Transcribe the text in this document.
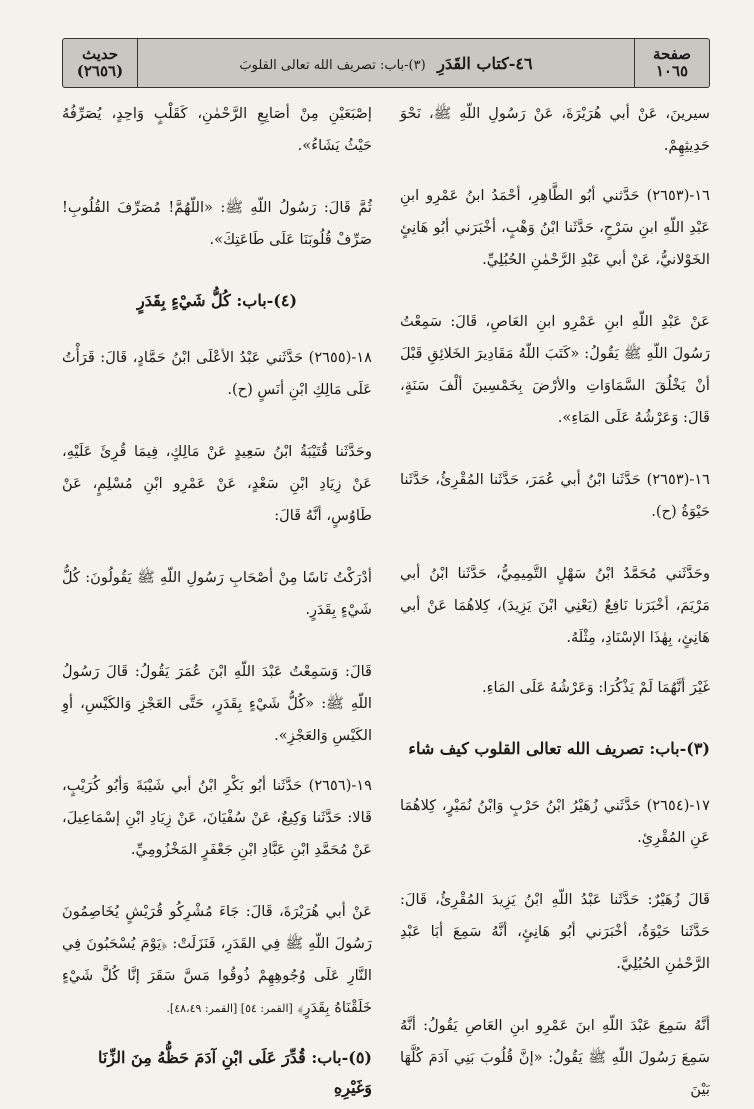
صفحة
١٠٦٥
٤٦-كتاب القَدَرِ (٣)-باب: تصريف الله تعالى القلوبَ
حديث
(٢٦٥٦)

سيرينَ، عَنْ أبي هُرَيْرَةَ، عَنْ رَسُولِ اللّهِ ﷺ، نَحْوَ حَدِيثِهِمْ.

١٦-(٢٦٥٣) حَدَّثني أبُو الطَّاهِرِ، أحْمَدُ ابنُ عَمْرِو ابنِ عَبْدِ اللّهِ ابنِ سَرْحٍ، حَدَّثَنا ابْنُ وَهْبٍ، أخْبَرَني أبُو هَانِئٍ الخَوْلانيُّ، عَنْ أبي عَبْدِ الرَّحْمٰنِ الحُبُلِيِّ.

عَنْ عَبْدِ اللّهِ ابنِ عَمْرِو ابنِ العَاصِ، قَالَ: سَمِعْتُ رَسُولَ اللّهِ ﷺ يَقُولُ: «كَتَبَ اللّهُ مَقَادِيرَ الخَلائِقِ قَبْلَ أنْ يَخْلُقَ السَّمَاوَاتِ والأرْضَ بِخَمْسِينَ ألْفَ سَنَةٍ، قَالَ: وَعَرْشُهُ عَلَى المَاءِ».

١٦-(٢٦٥٣) حَدَّثَنا ابْنُ أبي عُمَرَ، حَدَّثَنا المُقْرِئُ، حَدَّثَنا حَيْوَةُ (ح).

وحَدَّثَني مُحَمَّدُ ابْنُ سَهْلٍ التَّمِيمِيُّ، حَدَّثَنا ابْنُ أبي مَرْيَمَ، أخْبَرَنا نَافِعٌ (يَعْنِي ابْنَ يَزِيدَ)، كِلاهُمَا عَنْ أبي هَانِئٍ، بِهٰذَا الإسْنَادِ، مِثْلَهُ.

غَيْرَ أنَّهُمَا لَمْ يَذْكُرَا: وَعَرْشُهُ عَلَى المَاءِ.

(٣)-باب: تصريف الله تعالى القلوب كيف شاء

١٧-(٢٦٥٤) حَدَّثَني زُهَيْرُ ابْنُ حَرْبٍ وَابْنُ نُمَيْرٍ، كِلاهُمَا عَنِ المُقْرِئِ.

قَالَ زُهَيْرٌ: حَدَّثَنا عَبْدُ اللّهِ ابْنُ يَزِيدَ المُقْرِئُ، قَالَ: حَدَّثَنا حَيْوَةُ، أخْبَرَني أبُو هَانِئٍ، أنَّهُ سَمِعَ أبَا عَبْدِ الرَّحْمٰنِ الحُبُلِيَّ.

أنَّهُ سَمِعَ عَبْدَ اللّهِ ابنَ عَمْرِو ابنِ العَاصِ يَقُولُ: أنَّهُ سَمِعَ رَسُولَ اللّهِ ﷺ يَقُولُ: «إنَّ قُلُوبَ بَنِي آدَمَ كُلَّهَا بَيْنَ

إصْبَعَيْنِ مِنْ أصَابِعِ الرَّحْمٰنِ، كَقَلْبٍ وَاحِدٍ، يُصَرِّفُهُ حَيْثُ يَشَاءُ».

ثُمَّ قَالَ: رَسُولُ اللّهِ ﷺ: «اللّهُمَّ! مُصَرِّفَ القُلُوبِ! صَرِّفْ قُلُوبَنَا عَلَى طَاعَتِكَ».

(٤)-باب: كُلُّ شَيْءٍ بِقَدَرٍ

١٨-(٢٦٥٥) حَدَّثَني عَبْدُ الأعْلَى ابْنُ حَمَّادٍ، قَالَ: قَرَأْتُ عَلَى مَالِكِ ابْنِ أنَسٍ (ح).

وحَدَّثَنا قُتَيْبَةُ ابْنُ سَعِيدٍ عَنْ مَالِكٍ، فِيمَا قُرِئَ عَلَيْهِ، عَنْ زِيَادِ ابْنِ سَعْدٍ، عَنْ عَمْرِو ابْنِ مُسْلِمٍ، عَنْ طَاوُسٍ، أنَّهُ قَالَ:

أدْرَكْتُ نَاسًا مِنْ أصْحَابِ رَسُولِ اللّهِ ﷺ يَقُولُونَ: كُلُّ شَيْءٍ بِقَدَرٍ.

قَالَ: وَسَمِعْتُ عَبْدَ اللّهِ ابْنَ عُمَرَ يَقُولُ: قَالَ رَسُولُ اللّهِ ﷺ: «كُلُّ شَيْءٍ بِقَدَرٍ، حَتَّى العَجْزِ وَالكَيْسِ، أوِ الكَيْسِ وَالعَجْزِ».

١٩-(٢٦٥٦) حَدَّثَنا أبُو بَكْرِ ابْنُ أبي شَيْبَةَ وَأبُو كُرَيْبٍ، قَالا: حَدَّثَنا وَكِيعٌ، عَنْ سُفْيَانَ، عَنْ زِيَادِ ابْنِ إسْمَاعِيلَ، عَنْ مُحَمَّدِ ابْنِ عَبَّادِ ابْنِ جَعْفَرٍ المَخْزُومِيِّ.

عَنْ أبي هُرَيْرَةَ، قَالَ: جَاءَ مُشْرِكُو قُرَيْشٍ يُخَاصِمُونَ رَسُولَ اللّهِ ﷺ فِي القَدَرِ، فَنَزَلَتْ: ﴿يَوْمَ يُسْحَبُونَ فِي النَّارِ عَلَى وُجُوهِهِمْ ذُوقُوا مَسَّ سَقَرَ إنَّا كُلَّ شَيْءٍ خَلَقْنَاهُ بِقَدَرٍ﴾ [القمر: ٥٤] [القمر: ٤٨،٤٩].

(٥)-باب: قُدِّرَ عَلَى ابْنِ آدَمَ حَظُّهُ مِنَ الزِّنَا وَغَيْرِهِ
